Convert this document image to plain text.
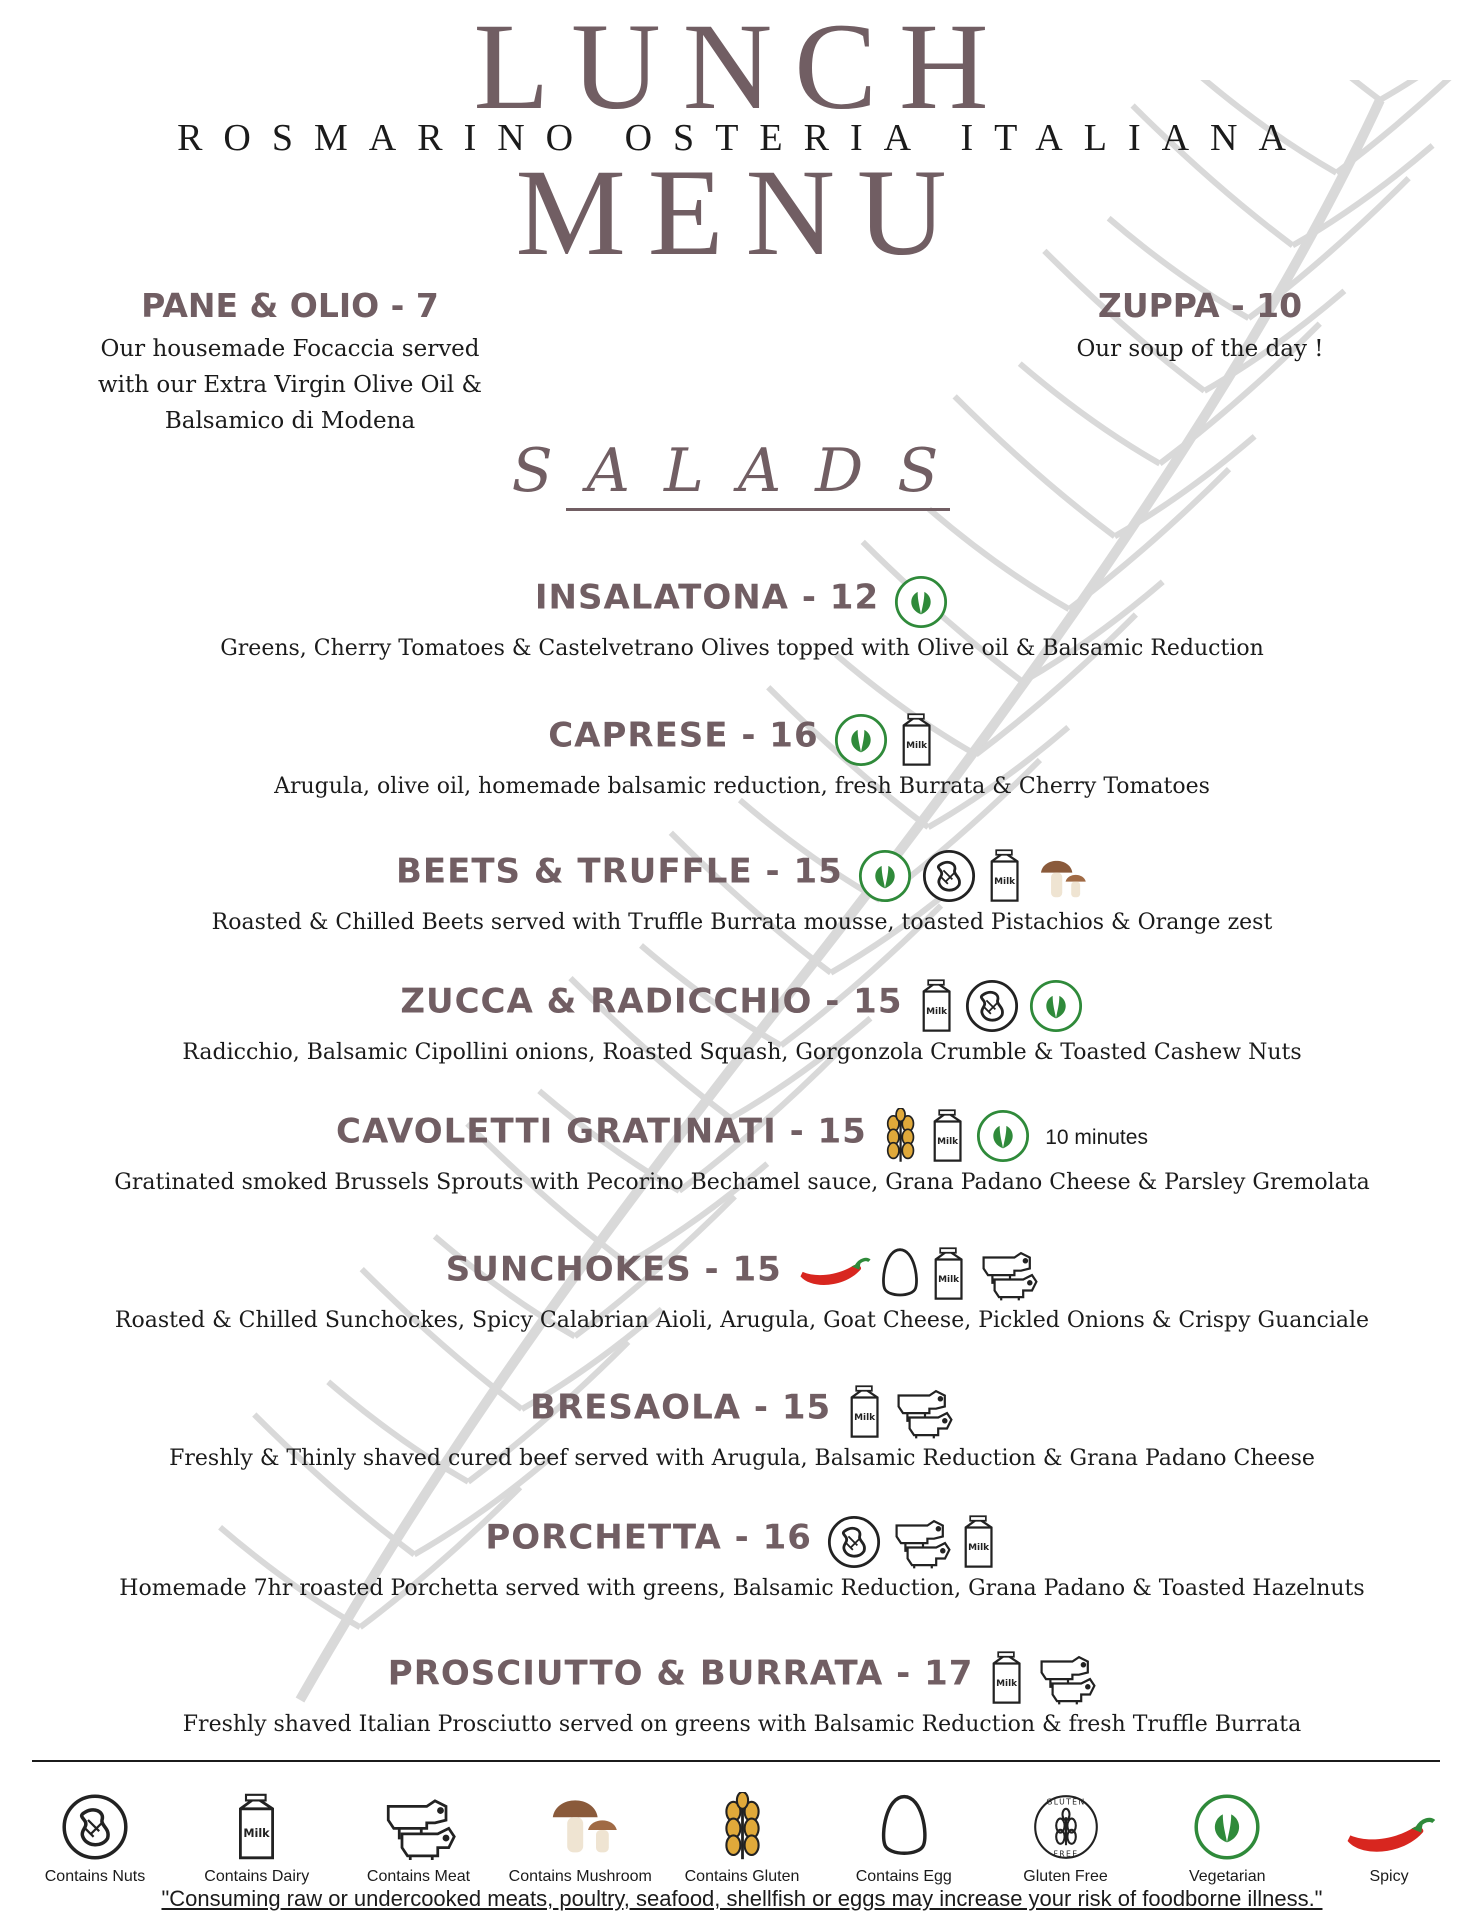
LUNCH
ROSMARINO OSTERIA ITALIANA
MENU
PANE & OLIO - 7
Our housemade Focaccia served
with our Extra Virgin Olive Oil &
Balsamico di Modena
ZUPPA - 10
Our soup of the day !
SALADS
INSALATONA - 12
Greens, Cherry Tomatoes & Castelvetrano Olives topped with Olive oil & Balsamic Reduction
CAPRESE - 16	Milk
Arugula, olive oil, homemade balsamic reduction, fresh Burrata & Cherry Tomatoes
BEETS & TRUFFLE - 15	Milk
Roasted & Chilled Beets served with Truffle Burrata mousse, toasted Pistachios & Orange zest
ZUCCA & RADICCHIO - 15	Milk
Radicchio, Balsamic Cipollini onions, Roasted Squash, Gorgonzola Crumble & Toasted Cashew Nuts
CAVOLETTI GRATINATI - 15	Milk	10 minutes
Gratinated smoked Brussels Sprouts with Pecorino Bechamel sauce, Grana Padano Cheese & Parsley Gremolata
SUNCHOKES - 15	Milk
Roasted & Chilled Sunchockes, Spicy Calabrian Aioli, Arugula, Goat Cheese, Pickled Onions & Crispy Guanciale
BRESAOLA - 15	Milk
Freshly & Thinly shaved cured beef served with Arugula, Balsamic Reduction & Grana Padano Cheese
PORCHETTA - 16	Milk
Homemade 7hr roasted Porchetta served with greens, Balsamic Reduction, Grana Padano & Toasted Hazelnuts
PROSCIUTTO & BURRATA - 17	Milk
Freshly shaved Italian Prosciutto served on greens with Balsamic Reduction & fresh Truffle Burrata
Contains Nuts
Milk
Contains Dairy	Contains Meat Contains Mushroom Contains Gluten	Contains Egg
GLUTEN
FREE
Gluten Free	Vegetarian	Spicy
"Consuming raw or undercooked meats, poultry, seafood, shellfish or eggs may increase your risk of foodborne illness."
